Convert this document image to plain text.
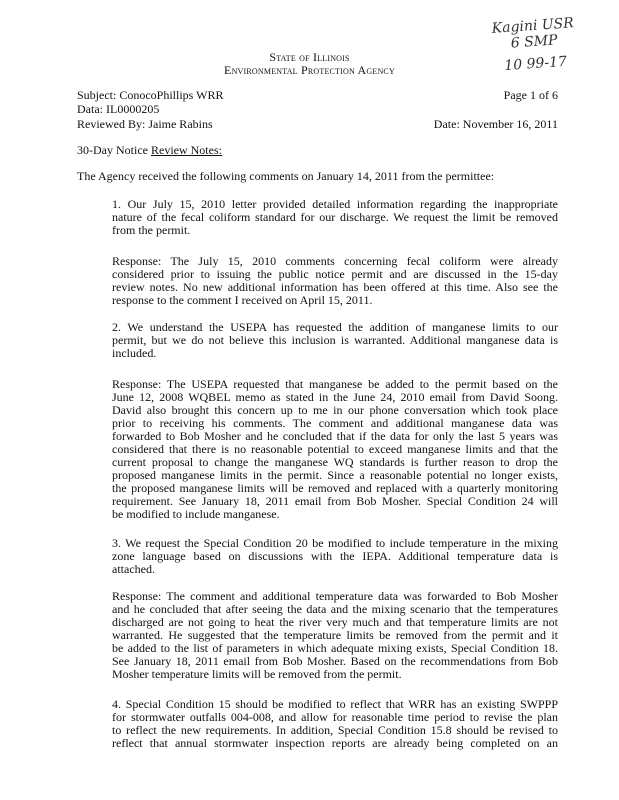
Kagini USR
6 SMP
10 99-17
State of Illinois
Environmental Protection Agency
Subject: ConocoPhillips WRR
Data: IL0000205
Reviewed By: Jaime Rabins
Page 1 of 6
Date: November 16, 2011
30-Day Notice Review Notes:
The Agency received the following comments on January 14, 2011 from the permittee:
1. Our July 15, 2010 letter provided detailed information regarding the inappropriate
nature of the fecal coliform standard for our discharge. We request the limit be removed
from the permit.
Response: The July 15, 2010 comments concerning fecal coliform were already
considered prior to issuing the public notice permit and are discussed in the 15-day
review notes. No new additional information has been offered at this time. Also see the
response to the comment I received on April 15, 2011.
2. We understand the USEPA has requested the addition of manganese limits to our
permit, but we do not believe this inclusion is warranted. Additional manganese data is
included.
Response: The USEPA requested that manganese be added to the permit based on the
June 12, 2008 WQBEL memo as stated in the June 24, 2010 email from David Soong.
David also brought this concern up to me in our phone conversation which took place
prior to receiving his comments. The comment and additional manganese data was
forwarded to Bob Mosher and he concluded that if the data for only the last 5 years was
considered that there is no reasonable potential to exceed manganese limits and that the
current proposal to change the manganese WQ standards is further reason to drop the
proposed manganese limits in the permit. Since a reasonable potential no longer exists,
the proposed manganese limits will be removed and replaced with a quarterly monitoring
requirement. See January 18, 2011 email from Bob Mosher. Special Condition 24 will
be modified to include manganese.
3. We request the Special Condition 20 be modified to include temperature in the mixing
zone language based on discussions with the IEPA. Additional temperature data is
attached.
Response: The comment and additional temperature data was forwarded to Bob Mosher
and he concluded that after seeing the data and the mixing scenario that the temperatures
discharged are not going to heat the river very much and that temperature limits are not
warranted. He suggested that the temperature limits be removed from the permit and it
be added to the list of parameters in which adequate mixing exists, Special Condition 18.
See January 18, 2011 email from Bob Mosher. Based on the recommendations from Bob
Mosher temperature limits will be removed from the permit.
4. Special Condition 15 should be modified to reflect that WRR has an existing SWPPP
for stormwater outfalls 004-008, and allow for reasonable time period to revise the plan
to reflect the new requirements. In addition, Special Condition 15.8 should be revised to
reflect that annual stormwater inspection reports are already being completed on an
